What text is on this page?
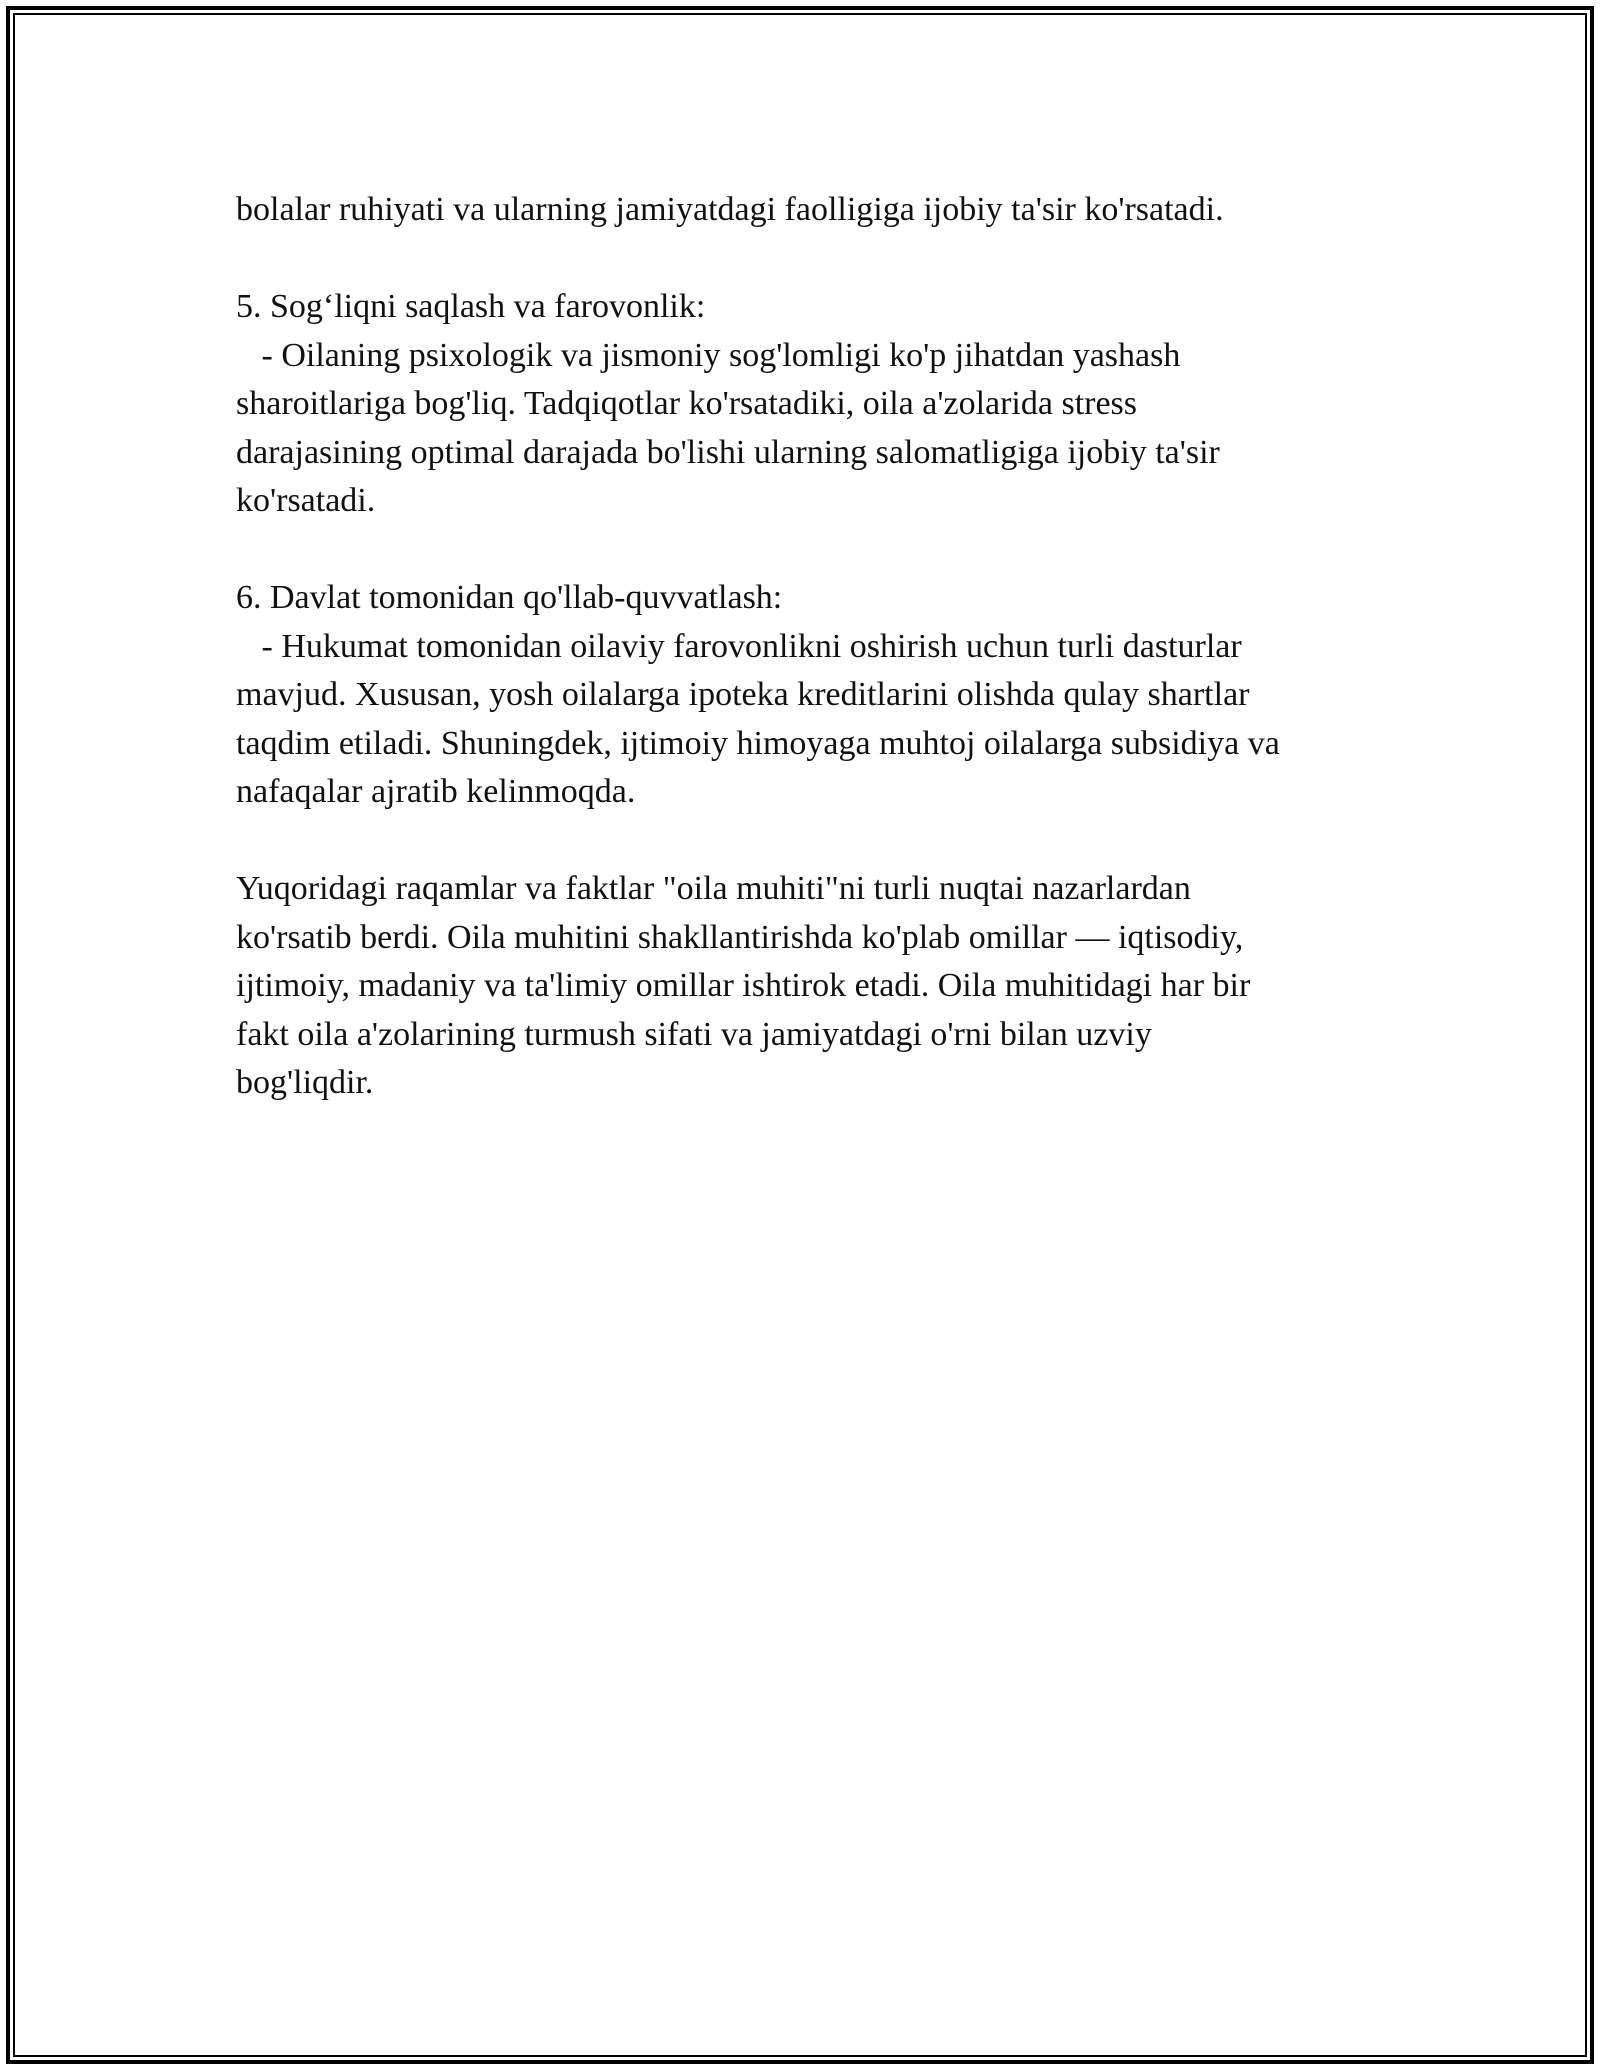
bolalar ruhiyati va ularning jamiyatdagi faolligiga ijobiy ta'sir ko'rsatadi.

5. Sog‘liqni saqlash va farovonlik:

- Oilaning psixologik va jismoniy sog'lomligi ko'p jihatdan yashash

sharoitlariga bog'liq. Tadqiqotlar ko'rsatadiki, oila a'zolarida stress

darajasining optimal darajada bo'lishi ularning salomatligiga ijobiy ta'sir

ko'rsatadi.

6. Davlat tomonidan qo'llab-quvvatlash:

- Hukumat tomonidan oilaviy farovonlikni oshirish uchun turli dasturlar

mavjud. Xususan, yosh oilalarga ipoteka kreditlarini olishda qulay shartlar

taqdim etiladi. Shuningdek, ijtimoiy himoyaga muhtoj oilalarga subsidiya va

nafaqalar ajratib kelinmoqda.

Yuqoridagi raqamlar va faktlar "oila muhiti"ni turli nuqtai nazarlardan

ko'rsatib berdi. Oila muhitini shakllantirishda ko'plab omillar — iqtisodiy,

ijtimoiy, madaniy va ta'limiy omillar ishtirok etadi. Oila muhitidagi har bir

fakt oila a'zolarining turmush sifati va jamiyatdagi o'rni bilan uzviy

bog'liqdir.
